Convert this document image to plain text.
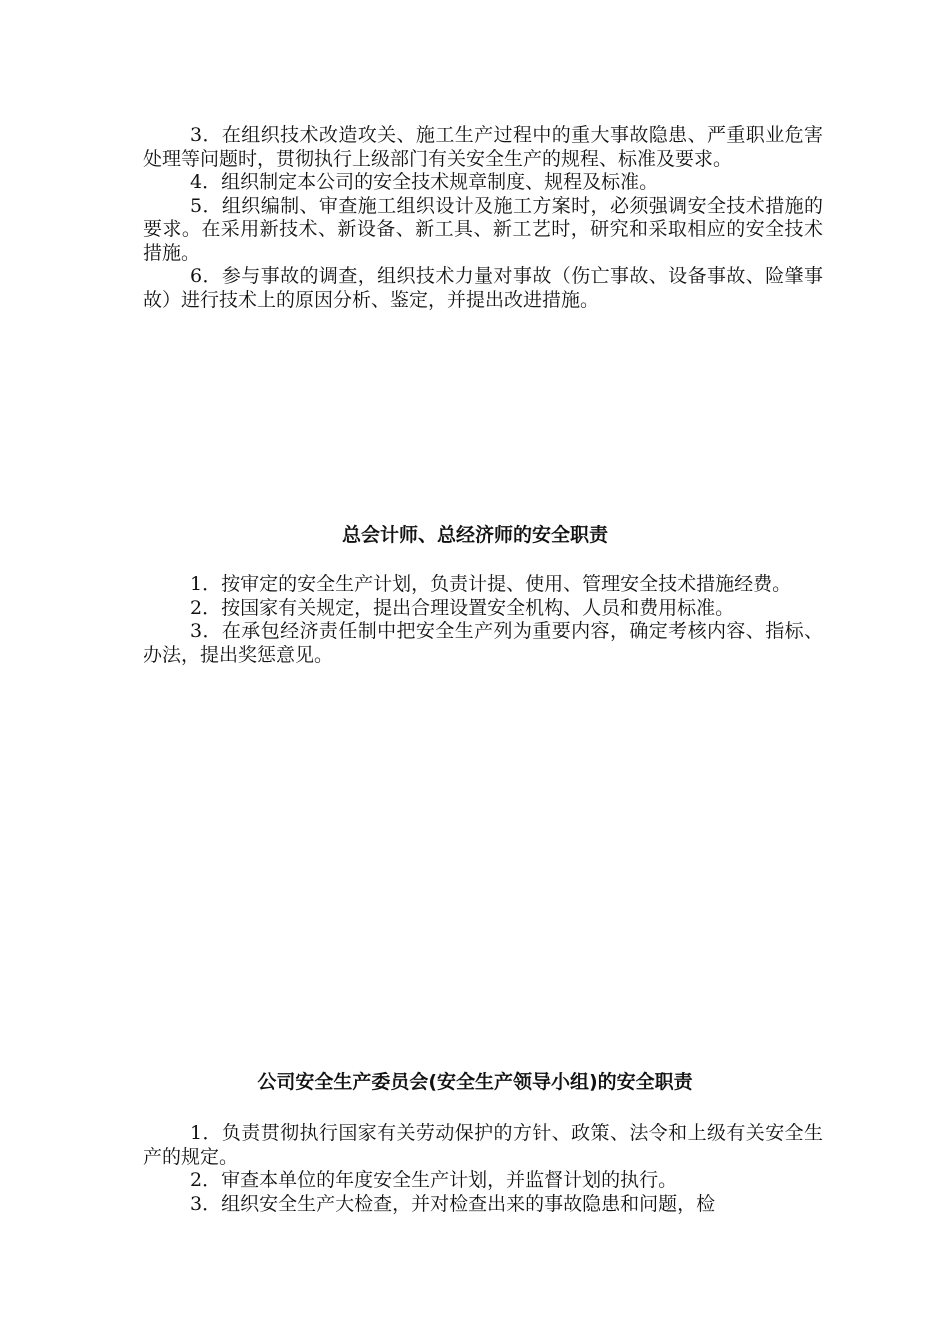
3．在组织技术改造攻关、施工生产过程中的重大事故隐患、严重职业危害处理等问题时，贯彻执行上级部门有关安全生产的规程、标准及要求。

4．组织制定本公司的安全技术规章制度、规程及标准。

5．组织编制、审查施工组织设计及施工方案时，必须强调安全技术措施的要求。在采用新技术、新设备、新工具、新工艺时，研究和采取相应的安全技术措施。

6．参与事故的调查，组织技术力量对事故（伤亡事故、设备事故、险肇事故）进行技术上的原因分析、鉴定，并提出改进措施。

总会计师、总经济师的安全职责

1．按审定的安全生产计划，负责计提、使用、管理安全技术措施经费。

2．按国家有关规定，提出合理设置安全机构、人员和费用标准。

3．在承包经济责任制中把安全生产列为重要内容，确定考核内容、指标、办法，提出奖惩意见。

公司安全生产委员会(安全生产领导小组)的安全职责

1．负责贯彻执行国家有关劳动保护的方针、政策、法令和上级有关安全生产的规定。

2．审查本单位的年度安全生产计划，并监督计划的执行。

3．组织安全生产大检查，并对检查出来的事故隐患和问题，检
